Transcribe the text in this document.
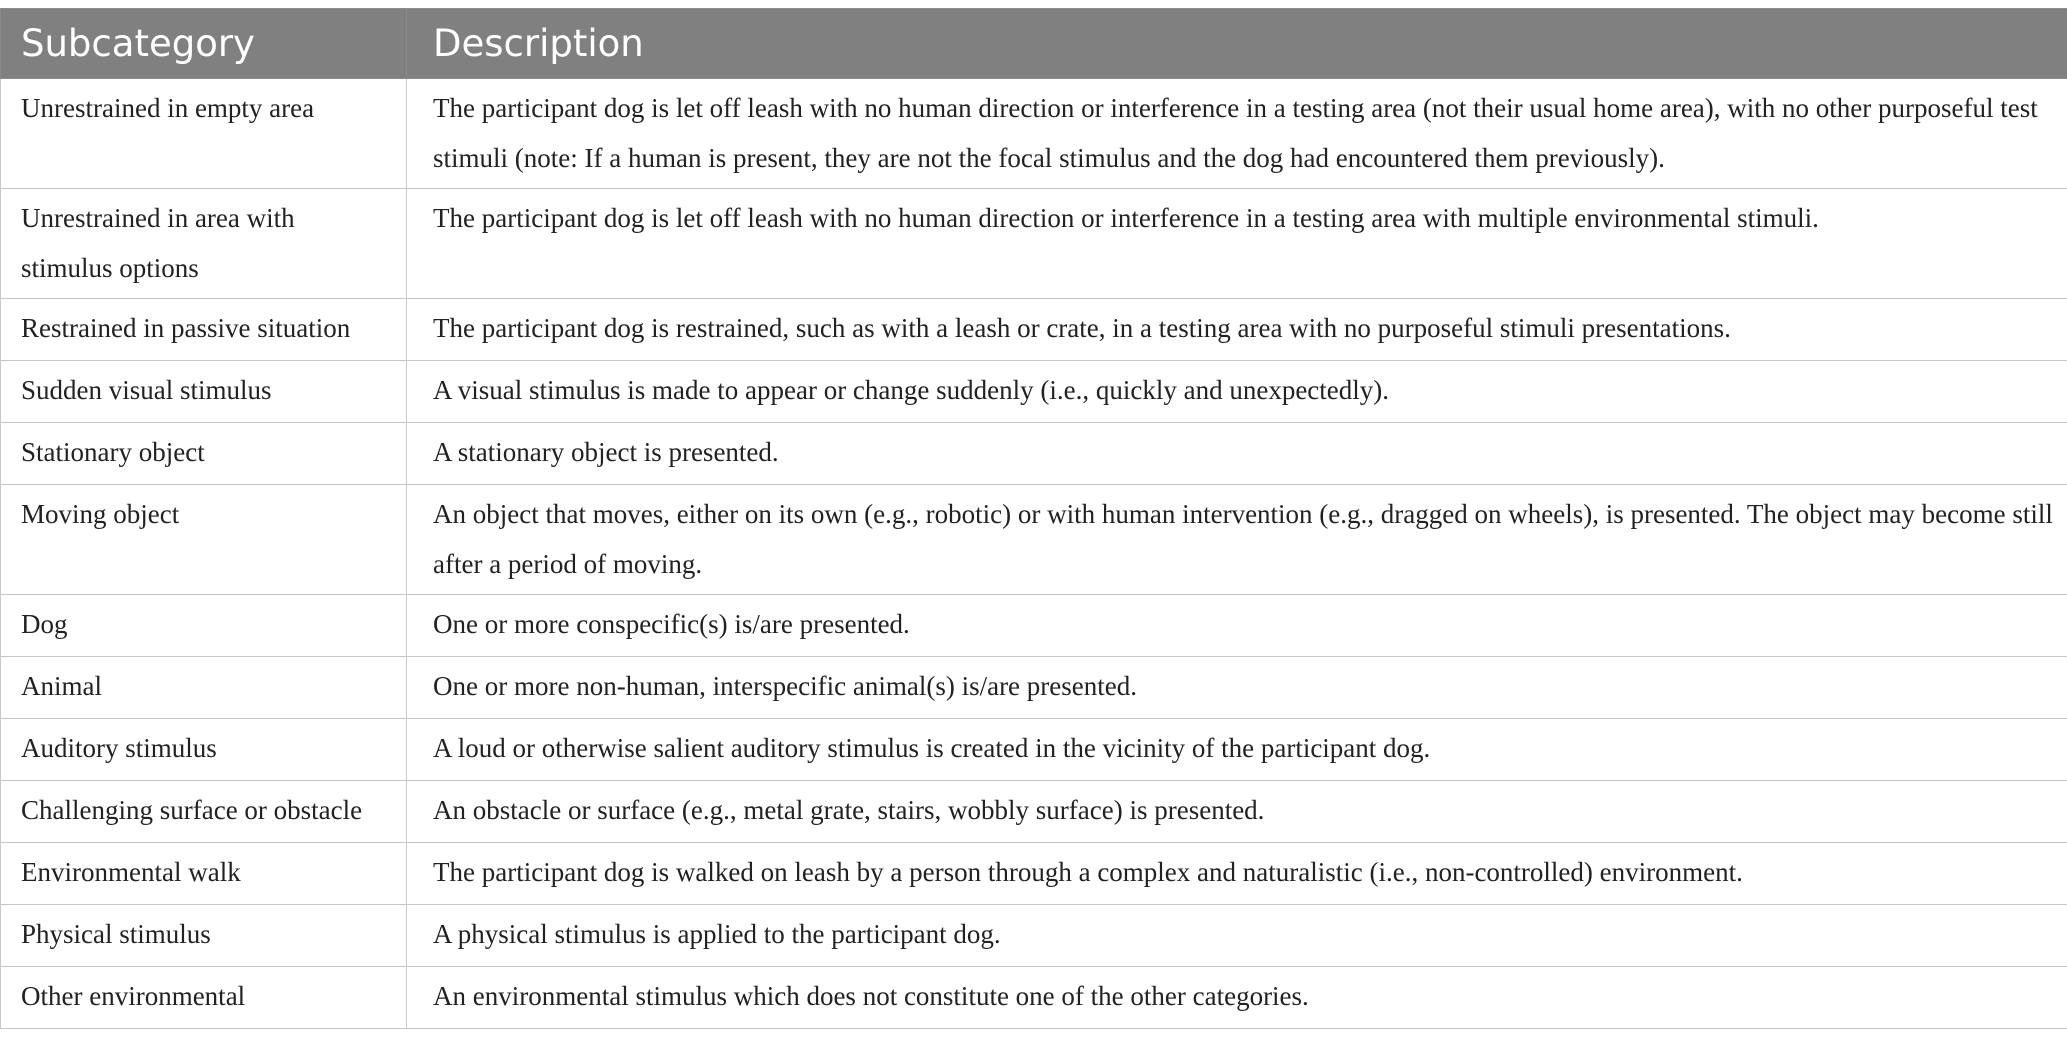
Subcategory	Description
Unrestrained in empty area	The participant dog is let off leash with no human direction or interference in a testing area (not their usual home area), with no other purposeful test stimuli (note: If a human is present, they are not the focal stimulus and the dog had encountered them previously).
Unrestrained in area with stimulus options	The participant dog is let off leash with no human direction or interference in a testing area with multiple environmental stimuli.
Restrained in passive situation	The participant dog is restrained, such as with a leash or crate, in a testing area with no purposeful stimuli presentations.
Sudden visual stimulus	A visual stimulus is made to appear or change suddenly (i.e., quickly and unexpectedly).
Stationary object	A stationary object is presented.
Moving object	An object that moves, either on its own (e.g., robotic) or with human intervention (e.g., dragged on wheels), is presented. The object may become still after a period of moving.
Dog	One or more conspecific(s) is/are presented.
Animal	One or more non-human, interspecific animal(s) is/are presented.
Auditory stimulus	A loud or otherwise salient auditory stimulus is created in the vicinity of the participant dog.
Challenging surface or obstacle	An obstacle or surface (e.g., metal grate, stairs, wobbly surface) is presented.
Environmental walk	The participant dog is walked on leash by a person through a complex and naturalistic (i.e., non-controlled) environment.
Physical stimulus	A physical stimulus is applied to the participant dog.
Other environmental	An environmental stimulus which does not constitute one of the other categories.
